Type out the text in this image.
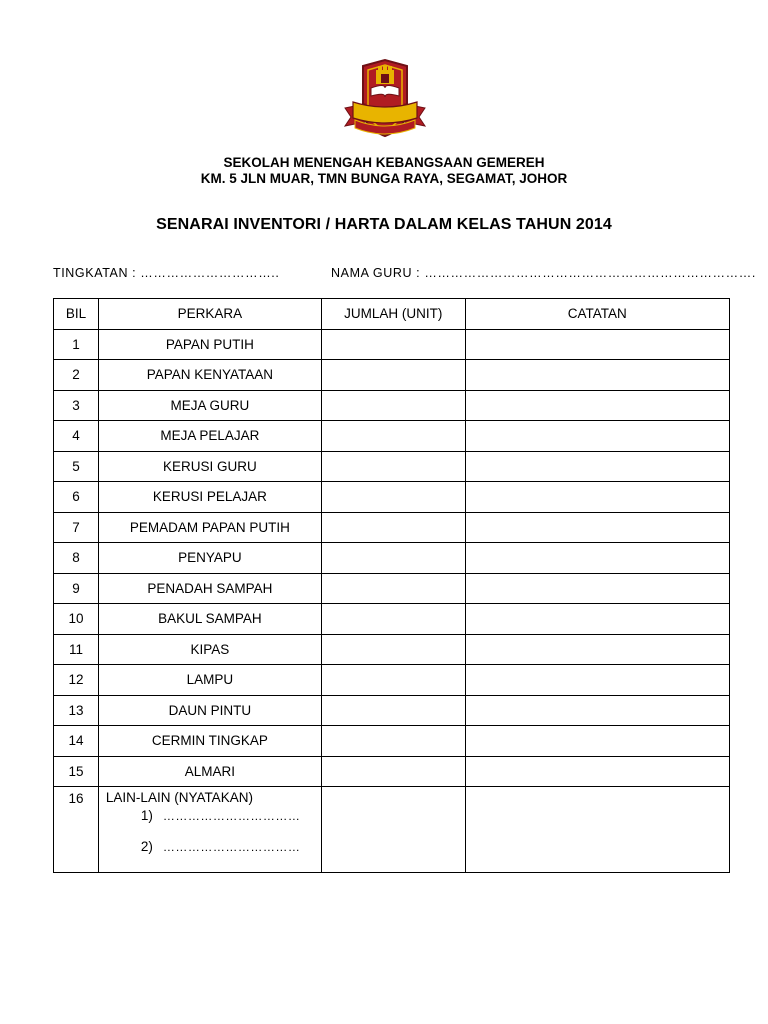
SEKOLAH MENENGAH KEBANGSAAN GEMEREH
KM. 5 JLN MUAR, TMN BUNGA RAYA, SEGAMAT, JOHOR
SENARAI INVENTORI / HARTA DALAM KELAS TAHUN 2014
TINGKATAN : …………………………..	NAMA GURU : ………………………………………………………………….
BIL	PERKARA	JUMLAH (UNIT)	CATATAN
1	PAPAN PUTIH		
2	PAPAN KENYATAAN		
3	MEJA GURU		
4	MEJA PELAJAR		
5	KERUSI GURU		
6	KERUSI PELAJAR		
7	PEMADAM PAPAN PUTIH		
8	PENYAPU		
9	PENADAH SAMPAH		
10	BAKUL SAMPAH		
11	KIPAS		
12	LAMPU		
13	DAUN PINTU		
14	CERMIN TINGKAP		
15	ALMARI		
16	LAIN-LAIN (NYATAKAN)
1) ……………………………
2) ……………………………		
